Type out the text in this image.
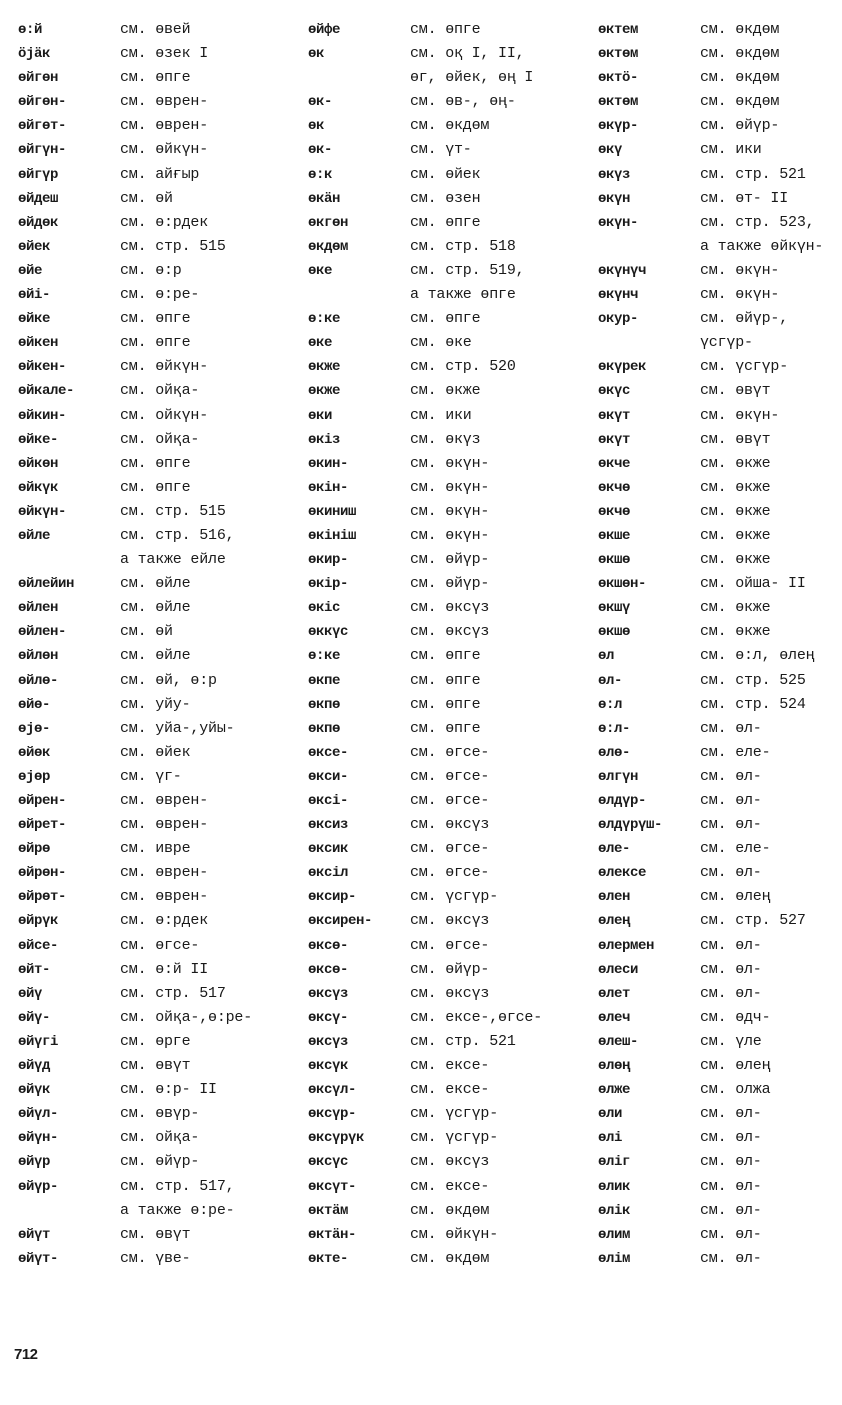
ө:й
öjäк
өйгөн
өйгөн-
өйгөт-
өйгүн-
өйгүр
өйдеш
өйдөк
өйек
өйе
өйі-
өйке
өйкен
өйкен-
өйкале-
өйкин-
өйке-
өйкөн
өйкүк
өйкүн-
өйле
өйлейин
өйлен
өйлен-
өйлөн
өйлө-
өйө-
өjө-
өйөк
өjөр
өйрен-
өйрет-
өйрө
өйрөн-
өйрөт-
өйрүк
өйсе-
өйт-
өйү
өйү-
өйүгі
өйүд
өйүк
өйүл-
өйүн-
өйүр
өйүр-
өйүт
өйүт-
см. өвей
см. өзек I
см. өпге
см. өврен-
см. өврен-
см. өйкүн-
см. айғыр
см. өй
см. ө:рдек
см. стр. 515
см. ө:р
см. ө:ре-
см. өпге
см. өпге
см. өйкүн-
см. ойқа-
см. ойкүн-
см. ойқа-
см. өпге
см. өпге
см. стр. 515
см. стр. 516,
а также ейле
см. өйле
см. өйле
см. өй
см. өйле
см. өй, ө:р
см. уйу-
см. уйа-,уйы-
см. өйек
см. үг-
см. өврен-
см. өврен-
см. ивре
см. өврен-
см. өврен-
см. ө:рдек
см. өгсе-
см. ө:й II
см. стр. 517
см. ойқа-,ө:ре-
см. өрге
см. өвүт
см. ө:р- II
см. өвүр-
см. ойқа-
см. өйүр-
см. стр. 517,
а также ө:ре-
см. өвүт
см. үве-
өйфе
өк
өк-
өк
өк-
ө:к
өкäн
өкгөн
өкдөм
өке
ө:ке
өке
өкже
өкже
өки
өкіз
өкин-
өкін-
өкиниш
өкініш
өкир-
өкір-
өкіс
өккүс
ө:ке
өкпе
өкпө
өкпө
өксе-
өкси-
өксі-
өксиз
өксик
өксіл
өксир-
өксирен-
өксө-
өксө-
өксүз
өксү-
өксүз
өксүк
өксүл-
өксүр-
өксүрүк
өксүс
өксүт-
өктäм
өктäн-
өкте-
см. өпге
см. оқ I, II,
өг, өйек, өң I
см. өв-, өң-
см. өкдөм
см. үт-
см. өйек
см. өзен
см. өпге
см. стр. 518
см. стр. 519,
а также өпге
см. өпге
см. өке
см. стр. 520
см. өкже
см. ики
см. өкүз
см. өкүн-
см. өкүн-
см. өкүн-
см. өкүн-
см. өйүр-
см. өйүр-
см. өксүз
см. өксүз
см. өпге
см. өпге
см. өпге
см. өпге
см. өгсе-
см. өгсе-
см. өгсе-
см. өксүз
см. өгсе-
см. өгсе-
см. үсгүр-
см. өксүз
см. өгсе-
см. өйүр-
см. өксүз
см. ексе-,өгсе-
см. стр. 521
см. ексе-
см. ексе-
см. үсгүр-
см. үсгүр-
см. өксүз
см. ексе-
см. өкдөм
см. өйкүн-
см. өкдөм
өктем
өктөм
өктö-
өктөм
өкүр-
өкү
өкүз
өкүн
өкүн-
өкүнүч
өкүнч
окур-
өкүрек
өкүс
өкүт
өкүт
өкче
өкчө
өкчө
өкше
өкшө
өкшөн-
өкшү
өкшө
өл
өл-
ө:л
ө:л-
өлө-
өлгүн
өлдүр-
өлдүрүш-
өле-
өлексе
өлен
өлең
өлермен
өлеси
өлет
өлеч
өлеш-
өлөң
өлже
өли
өлі
өліг
өлик
өлік
өлим
өлім
см. өкдөм
см. өкдөм
см. өкдөм
см. өкдөм
см. өйүр-
см. ики
см. стр. 521
см. өт- II
см. стр. 523,
а также өйкүн-
см. өкүн-
см. өкүн-
см. өйүр-,
үсгүр-
см. үсгүр-
см. өвүт
см. өкүн-
см. өвүт
см. өкже
см. өкже
см. өкже
см. өкже
см. өкже
см. ойша- II
см. өкже
см. өкже
см. ө:л, өлең
см. стр. 525
см. стр. 524
см. өл-
см. еле-
см. өл-
см. өл-
см. өл-
см. еле-
см. өл-
см. өлең
см. стр. 527
см. өл-
см. өл-
см. өл-
см. өдч-
см. үле
см. өлең
см. олжа
см. өл-
см. өл-
см. өл-
см. өл-
см. өл-
см. өл-
см. өл-
712
